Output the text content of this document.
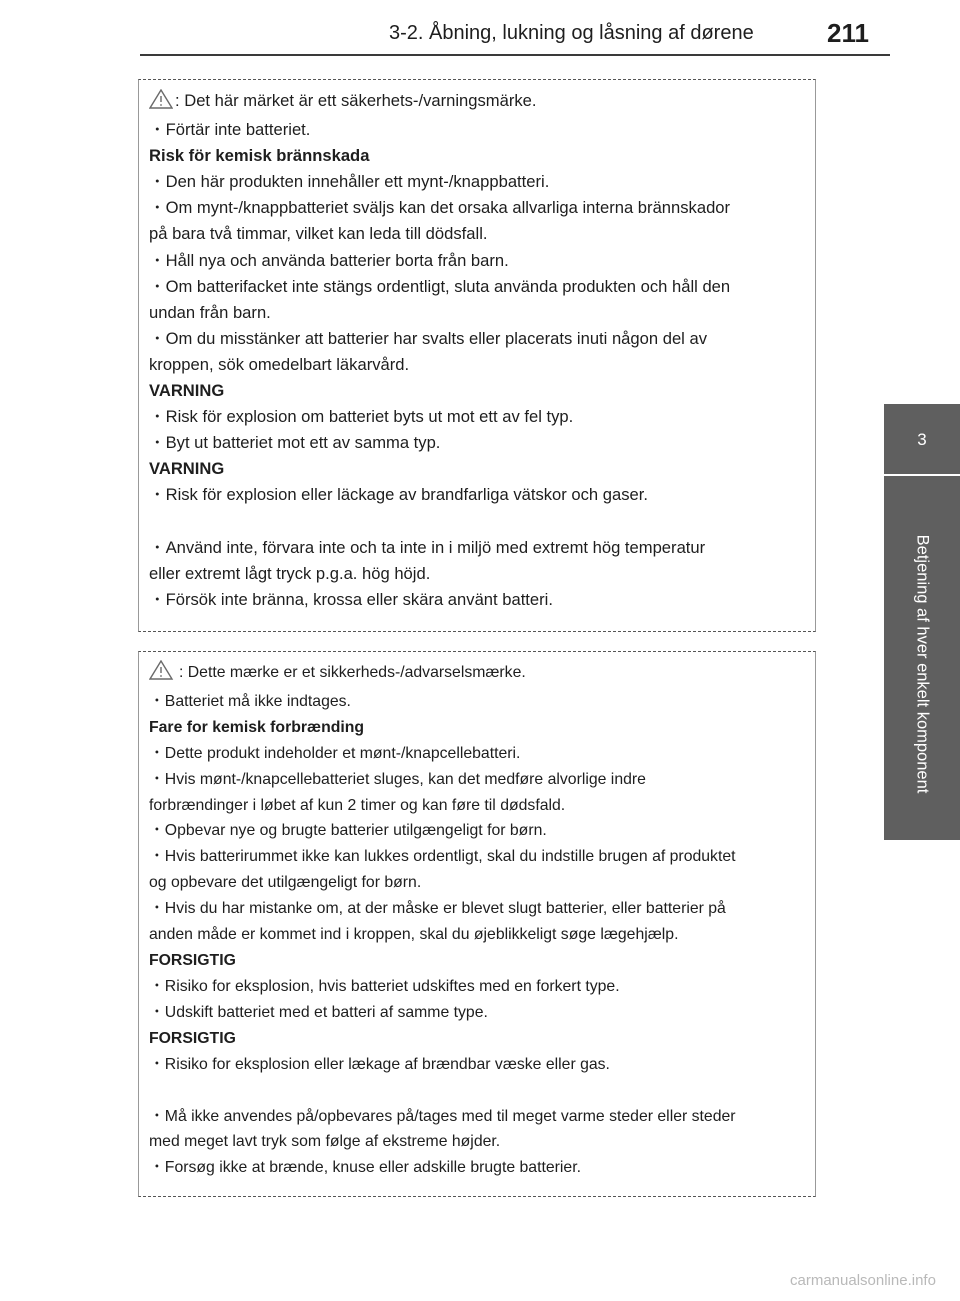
3-2. Åbning, lukning og låsning af dørene	211
3
Betjening af hver enkelt komponent

: Det här märket är ett säkerhets-/varningsmärke.

・Förtär inte batteriet.

Risk för kemisk brännskada

・Den här produkten innehåller ett mynt-/knappbatteri.

・Om mynt-/knappbatteriet sväljs kan det orsaka allvarliga interna brännskador

på bara två timmar, vilket kan leda till dödsfall.

・Håll nya och använda batterier borta från barn.

・Om batterifacket inte stängs ordentligt, sluta använda produkten och håll den

undan från barn.

・Om du misstänker att batterier har svalts eller placerats inuti någon del av

kroppen, sök omedelbart läkarvård.

VARNING

・Risk för explosion om batteriet byts ut mot ett av fel typ.

・Byt ut batteriet mot ett av samma typ.

VARNING

・Risk för explosion eller läckage av brandfarliga vätskor och gaser.

・Använd inte, förvara inte och ta inte in i miljö med extremt hög temperatur

eller extremt lågt tryck p.g.a. hög höjd.

・Försök inte bränna, krossa eller skära använt batteri.

: Dette mærke er et sikkerheds-/advarselsmærke.

・Batteriet må ikke indtages.

Fare for kemisk forbrænding

・Dette produkt indeholder et mønt-/knapcellebatteri.

・Hvis mønt-/knapcellebatteriet sluges, kan det medføre alvorlige indre

forbrændinger i løbet af kun 2 timer og kan føre til dødsfald.

・Opbevar nye og brugte batterier utilgængeligt for børn.

・Hvis batterirummet ikke kan lukkes ordentligt, skal du indstille brugen af produktet

og opbevare det utilgængeligt for børn.

・Hvis du har mistanke om, at der måske er blevet slugt batterier, eller batterier på

anden måde er kommet ind i kroppen, skal du øjeblikkeligt søge lægehjælp.

FORSIGTIG

・Risiko for eksplosion, hvis batteriet udskiftes med en forkert type.

・Udskift batteriet med et batteri af samme type.

FORSIGTIG

・Risiko for eksplosion eller lækage af brændbar væske eller gas.

・Må ikke anvendes på/opbevares på/tages med til meget varme steder eller steder

med meget lavt tryk som følge af ekstreme højder.

・Forsøg ikke at brænde, knuse eller adskille brugte batterier.

carmanualsonline.info
